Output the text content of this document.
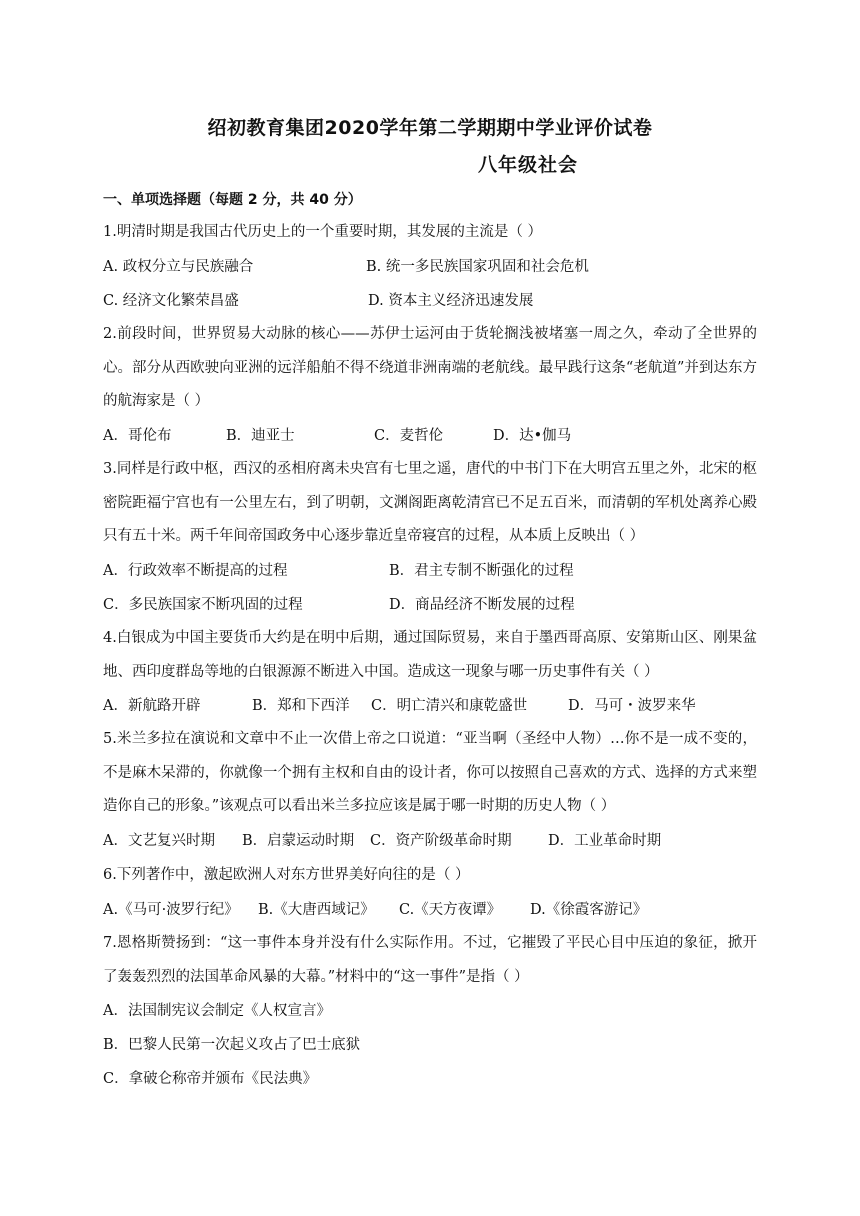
绍初教育集团2020学年第二学期期中学业评价试卷
八年级社会
一、单项选择题（每题 2 分，共 40 分）
1.明清时期是我国古代历史上的一个重要时期，其发展的主流是（ ）
A. 政权分立与民族融合	B. 统一多民族国家巩固和社会危机
C. 经济文化繁荣昌盛	D. 资本主义经济迅速发展
2.前段时间，世界贸易大动脉的核心——苏伊士运河由于货轮搁浅被堵塞一周之久，牵动了全世界的心。部分从西欧驶向亚洲的远洋船舶不得不绕道非洲南端的老航线。最早践行这条“老航道”并到达东方的航海家是（ ）
A．哥伦布	B．迪亚士	C．麦哲伦	D．达•伽马
3.同样是行政中枢，西汉的丞相府离未央宫有七里之遥，唐代的中书门下在大明宫五里之外，北宋的枢密院距福宁宫也有一公里左右，到了明朝，文渊阁距离乾清宫已不足五百米，而清朝的军机处离养心殿只有五十米。两千年间帝国政务中心逐步靠近皇帝寝宫的过程，从本质上反映出（ ）
A．行政效率不断提高的过程	B．君主专制不断强化的过程
C．多民族国家不断巩固的过程	D．商品经济不断发展的过程
4.白银成为中国主要货币大约是在明中后期，通过国际贸易，来自于墨西哥高原、安第斯山区、刚果盆地、西印度群岛等地的白银源源不断进入中国。造成这一现象与哪一历史事件有关（ ）
A．新航路开辟	B．郑和下西洋 C．明亡清兴和康乾盛世	D．马可・波罗来华
5.米兰多拉在演说和文章中不止一次借上帝之口说道：“亚当啊（圣经中人物）…你不是一成不变的，不是麻木呆滞的，你就像一个拥有主权和自由的设计者，你可以按照自己喜欢的方式、选择的方式来塑造你自己的形象。”该观点可以看出米兰多拉应该是属于哪一时期的历史人物（ ）
A．文艺复兴时期 B．启蒙运动时期 C．资产阶级革命时期	D．工业革命时期
6.下列著作中，激起欧洲人对东方世界美好向往的是（ ）
A.《马可·波罗行纪》 B.《大唐西域记》 C.《天方夜谭》 D.《徐霞客游记》
7.恩格斯赞扬到：“这一事件本身并没有什么实际作用。不过，它摧毁了平民心目中压迫的象征，掀开了轰轰烈烈的法国革命风暴的大幕。”材料中的“这一事件”是指（ ）
A．法国制宪议会制定《人权宣言》
B．巴黎人民第一次起义攻占了巴士底狱
C．拿破仑称帝并颁布《民法典》
